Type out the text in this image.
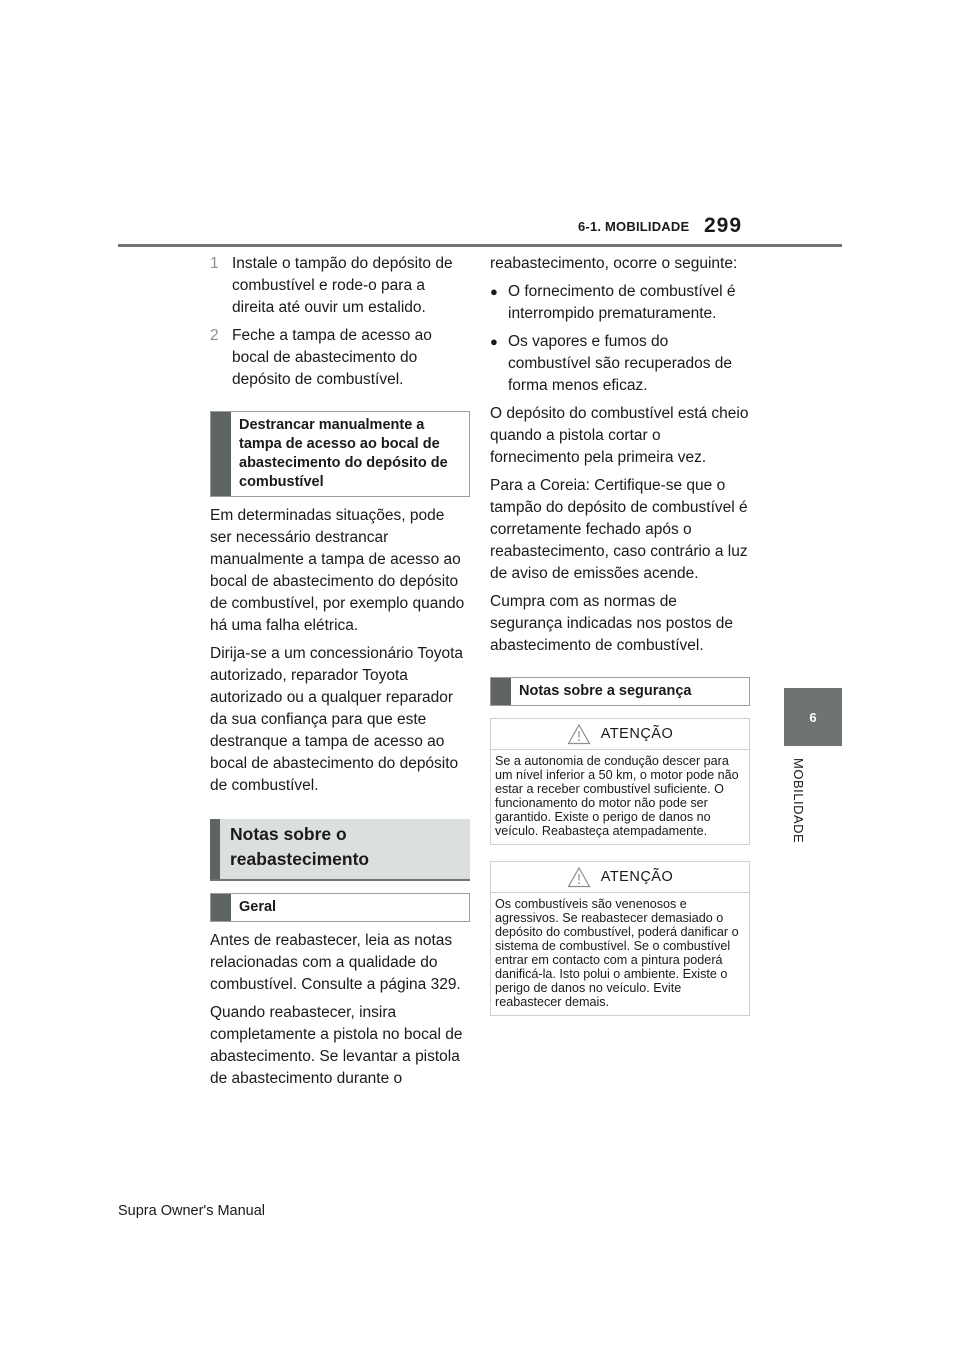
6-1. MOBILIDADE 299
6
MOBILIDADE
1 Instale o tampão do depósito de combustível e rode-o para a direita até ouvir um estalido.
2 Feche a tampa de acesso ao bocal de abastecimento do depósito de combustível.
Destrancar manualmente a tampa de acesso ao bocal de abastecimento do depósito de combustível

Em determinadas situações, pode ser necessário destrancar manualmente a tampa de acesso ao bocal de abastecimento do depósito de combustível, por exemplo quando há uma falha elétrica.

Dirija-se a um concessionário Toyota autorizado, reparador Toyota autorizado ou a qualquer reparador da sua confiança para que este destranque a tampa de acesso ao bocal de abastecimento do depósito de combustível.

Notas sobre o reabastecimento
Geral

Antes de reabastecer, leia as notas relacionadas com a qualidade do combustível. Consulte a página 329.

Quando reabastecer, insira completamente a pistola no bocal de abastecimento. Se levantar a pistola de abastecimento durante o

reabastecimento, ocorre o seguinte:

● O fornecimento de combustível é interrompido prematuramente.
● Os vapores e fumos do combustível são recuperados de forma menos eficaz.

O depósito do combustível está cheio quando a pistola cortar o fornecimento pela primeira vez.

Para a Coreia: Certifique-se que o tampão do depósito de combustível é corretamente fechado após o reabastecimento, caso contrário a luz de aviso de emissões acende.

Cumpra com as normas de segurança indicadas nos postos de abastecimento de combustível.

Notas sobre a segurança
ATENÇÃO
Se a autonomia de condução descer para um nível inferior a 50 km, o motor pode não estar a receber combustível suficiente. O funcionamento do motor não pode ser garantido. Existe o perigo de danos no veículo. Reabasteça atempadamente.
ATENÇÃO
Os combustíveis são venenosos e agressivos. Se reabastecer demasiado o depósito do combustível, poderá danificar o sistema de combustível. Se o combustível entrar em contacto com a pintura poderá danificá-la. Isto polui o ambiente. Existe o perigo de danos no veículo. Evite reabastecer demais.
Supra Owner's Manual
